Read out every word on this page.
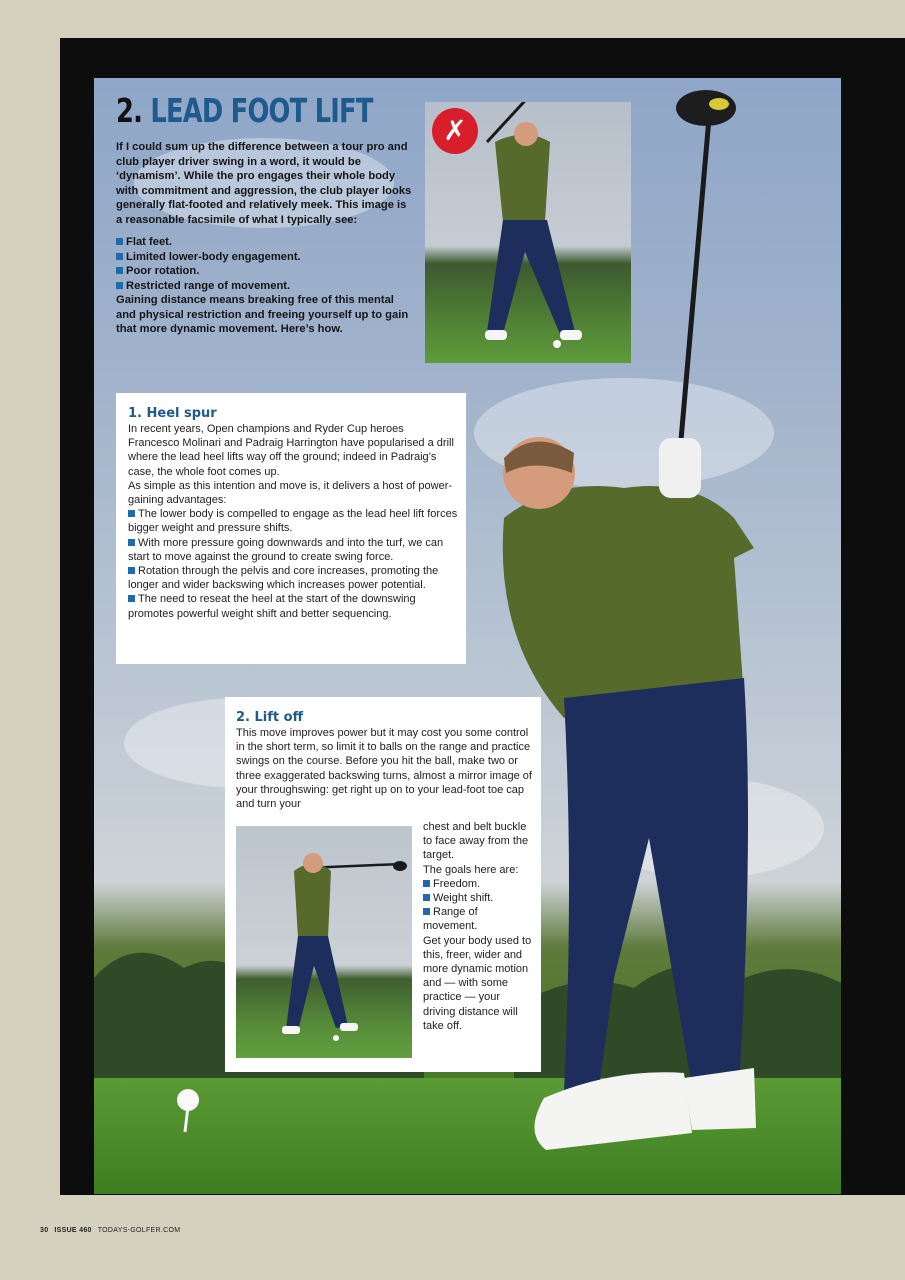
2. LEAD FOOT LIFT

If I could sum up the difference between a tour pro and club player driver swing in a word, it would be ‘dynamism’. While the pro engages their whole body with commitment and aggression, the club player looks generally flat-footed and relatively meek. This image is a reasonable facsimile of what I typically see:

Flat feet.
Limited lower-body engagement.
Poor rotation.
Restricted range of movement.

Gaining distance means breaking free of this mental and physical restriction and freeing yourself up to gain that more dynamic movement. Here’s how.

✗
1. Heel spur

In recent years, Open champions and Ryder Cup heroes Francesco Molinari and Padraig Harrington have popularised a drill where the lead heel lifts way off the ground; indeed in Padraig’s case, the whole foot comes up.

As simple as this intention and move is, it delivers a host of power-gaining advantages:

The lower body is compelled to engage as the lead heel lift forces bigger weight and pressure shifts.

With more pressure going downwards and into the turf, we can start to move against the ground to create swing force.

Rotation through the pelvis and core increases, promoting the longer and wider backswing which increases power potential.

The need to reseat the heel at the start of the downswing promotes powerful weight shift and better sequencing.

2. Lift off

This move improves power but it may cost you some control in the short term, so limit it to balls on the range and practice swings on the course. Before you hit the ball, make two or three exaggerated backswing turns, almost a mirror image of your throughswing: get right up on to your lead-foot toe cap and turn your

chest and belt buckle to face away from the target.

The goals here are:

Freedom.

Weight shift.

Range of movement.

Get your body used to this, freer, wider and more dynamic motion and — with some practice — your driving distance will take off.

30 ISSUE 460 TODAYS-GOLFER.COM
